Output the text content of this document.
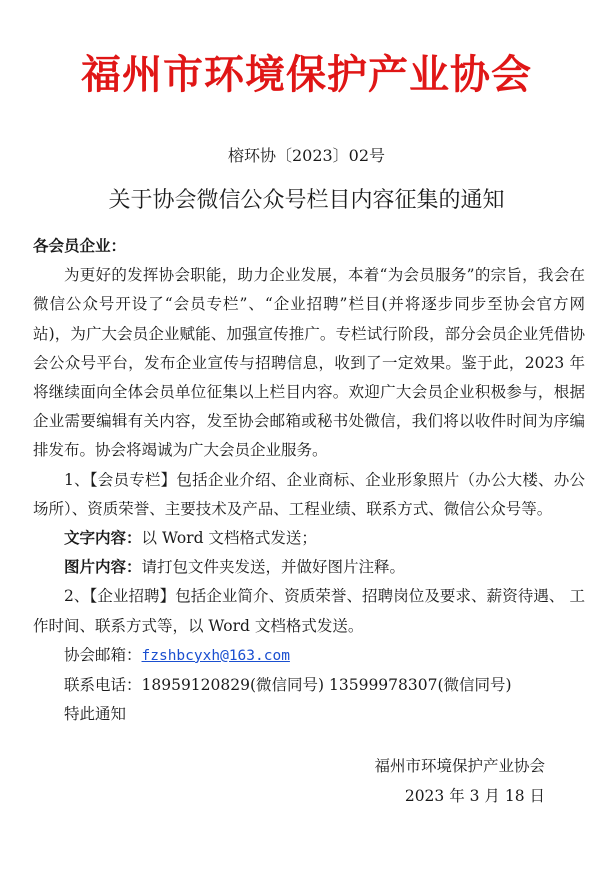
福州市环境保护产业协会
榕环协〔2023〕02号
关于协会微信公众号栏目内容征集的通知

各会员企业：

为更好的发挥协会职能，助力企业发展，本着“为会员服务”的宗旨，我会在微信公众号开设了“会员专栏”、“企业招聘”栏目(并将逐步同步至协会官方网站)，为广大会员企业赋能、加强宣传推广。专栏试行阶段，部分会员企业凭借协会公众号平台，发布企业宣传与招聘信息，收到了一定效果。鉴于此，2023 年将继续面向全体会员单位征集以上栏目内容。欢迎广大会员企业积极参与，根据企业需要编辑有关内容，发至协会邮箱或秘书处微信，我们将以收件时间为序编排发布。协会将竭诚为广大会员企业服务。

1、【会员专栏】包括企业介绍、企业商标、企业形象照片（办公大楼、办公场所）、资质荣誉、主要技术及产品、工程业绩、联系方式、微信公众号等。

文字内容：以 Word 文档格式发送；

图片内容：请打包文件夹发送，并做好图片注释。

2、【企业招聘】包括企业简介、资质荣誉、招聘岗位及要求、薪资待遇、 工作时间、联系方式等，以 Word 文档格式发送。

协会邮箱：fzshbcyxh@163.com

联系电话：18959120829(微信同号) 13599978307(微信同号)

特此通知

福州市环境保护产业协会
2023 年 3 月 18 日
